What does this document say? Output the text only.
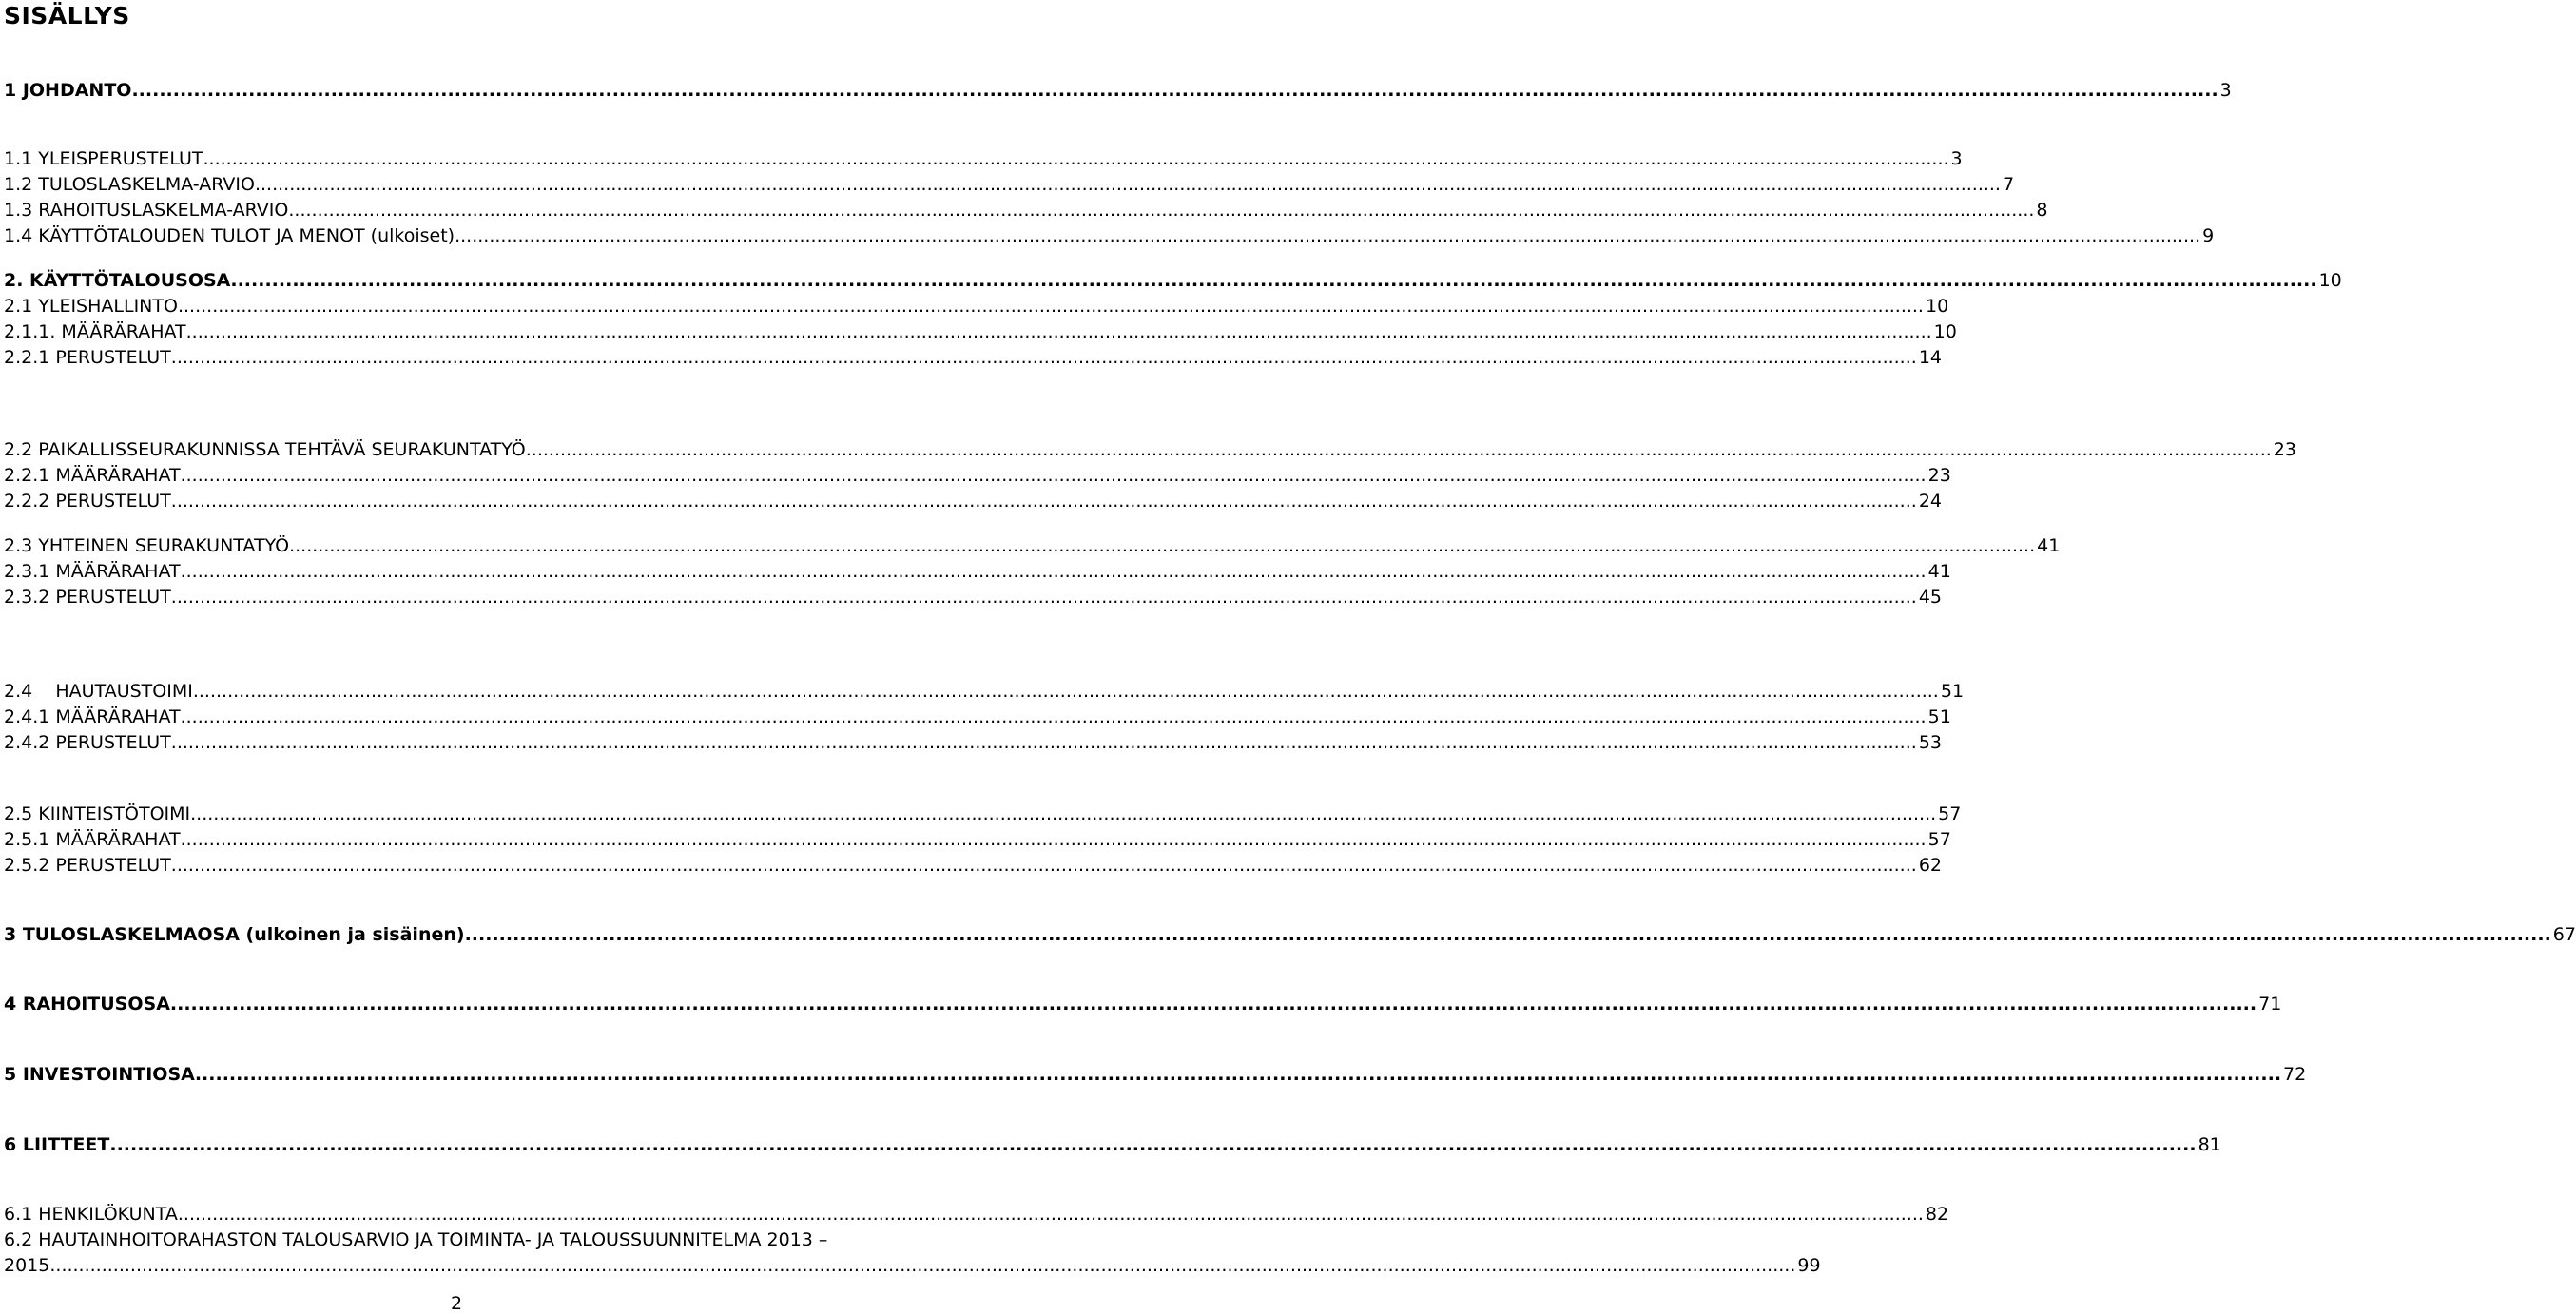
SISÄLLYS
1 JOHDANTO .....	3
1.1 YLEISPERUSTELUT .....	3
1.2 TULOSLASKELMA-ARVIO .....	7
1.3 RAHOITUSLASKELMA-ARVIO .....	8
1.4 KÄYTTÖTALOUDEN TULOT JA MENOT (ulkoiset) .....	9
2. KÄYTTÖTALOUSOSA .....	10
2.1 YLEISHALLINTO .....	10
2.1.1. MÄÄRÄRAHAT .....	10
2.2.1 PERUSTELUT .....	14
2.2 PAIKALLISSEURAKUNNISSA TEHTÄVÄ SEURAKUNTATYÖ .....	23
2.2.1 MÄÄRÄRAHAT .....	23
2.2.2 PERUSTELUT .....	24
2.3 YHTEINEN SEURAKUNTATYÖ .....	41
2.3.1 MÄÄRÄRAHAT .....	41
2.3.2 PERUSTELUT .....	45
2.4    HAUTAUSTOIMI .....	51
2.4.1 MÄÄRÄRAHAT .....	51
2.4.2 PERUSTELUT .....	53
2.5 KIINTEISTÖTOIMI .....	57
2.5.1 MÄÄRÄRAHAT .....	57
2.5.2 PERUSTELUT .....	62
3 TULOSLASKELMAOSA (ulkoinen ja sisäinen) .....	67
4 RAHOITUSOSA .....	71
5 INVESTOINTIOSA .....	72
6 LIITTEET .....	81
6.1 HENKILÖKUNTA .....	82
6.2 HAUTAINHOITORAHASTON TALOUSARVIO JA TOIMINTA- JA TALOUSSUUNNITELMA 2013 –
2015 .....	99
2
